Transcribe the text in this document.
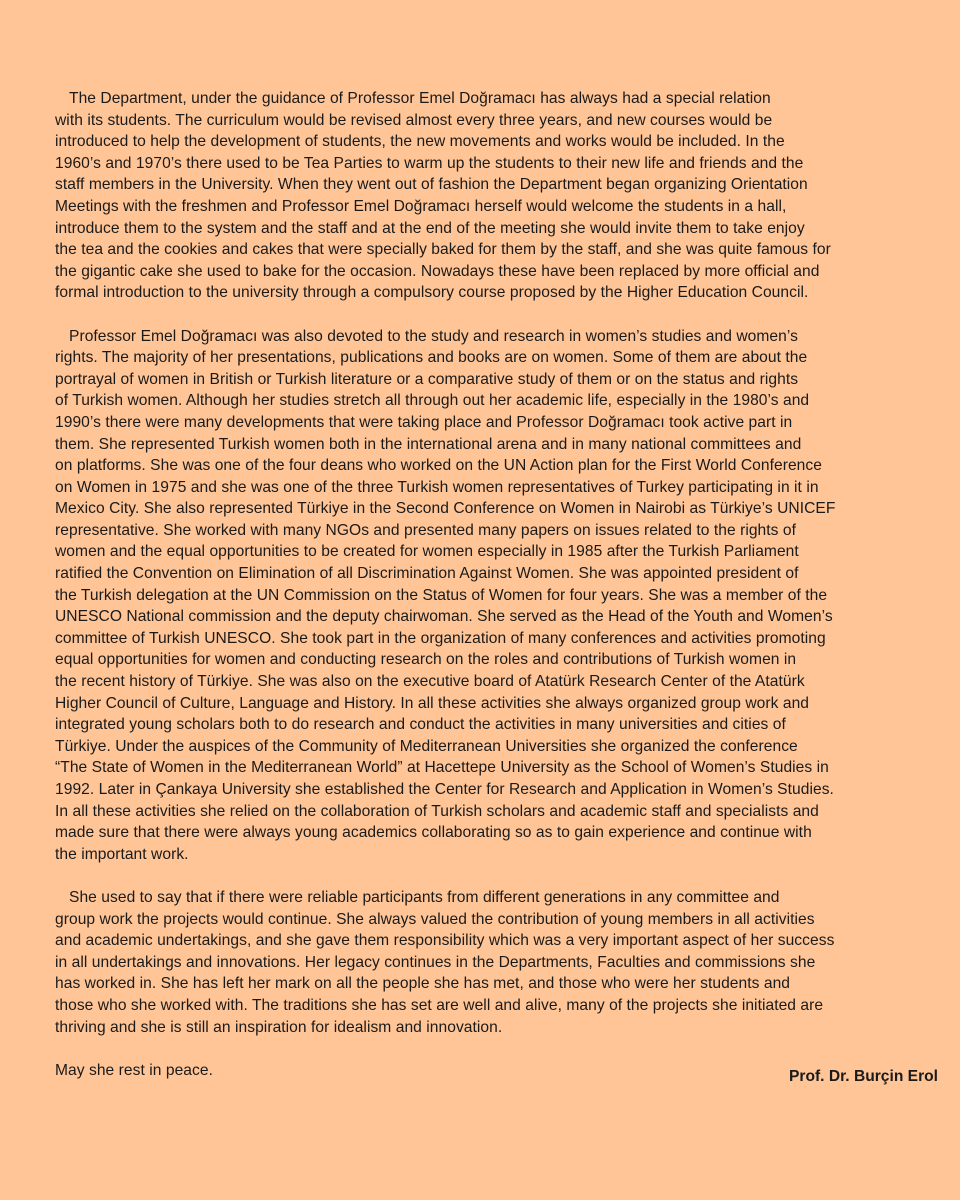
The Department, under the guidance of Professor Emel Doğramacı has always had a special relation
with its students. The curriculum would be revised almost every three years, and new courses would be
introduced to help the development of students, the new movements and works would be included. In the
1960’s and 1970’s there used to be Tea Parties to warm up the students to their new life and friends and the
staff members in the University. When they went out of fashion the Department began organizing Orientation
Meetings with the freshmen and Professor Emel Doğramacı herself would welcome the students in a hall,
introduce them to the system and the staff and at the end of the meeting she would invite them to take enjoy
the tea and the cookies and cakes that were specially baked for them by the staff, and she was quite famous for
the gigantic cake she used to bake for the occasion. Nowadays these have been replaced by more official and
formal introduction to the university through a compulsory course proposed by the Higher Education Council.
Professor Emel Doğramacı was also devoted to the study and research in women’s studies and women’s
rights. The majority of her presentations, publications and books are on women. Some of them are about the
portrayal of women in British or Turkish literature or a comparative study of them or on the status and rights
of Turkish women. Although her studies stretch all through out her academic life, especially in the 1980’s and
1990’s there were many developments that were taking place and Professor Doğramacı took active part in
them. She represented Turkish women both in the international arena and in many national committees and
on platforms. She was one of the four deans who worked on the UN Action plan for the First World Conference
on Women in 1975 and she was one of the three Turkish women representatives of Turkey participating in it in
Mexico City. She also represented Türkiye in the Second Conference on Women in Nairobi as Türkiye’s UNICEF
representative. She worked with many NGOs and presented many papers on issues related to the rights of
women and the equal opportunities to be created for women especially in 1985 after the Turkish Parliament
ratified the Convention on Elimination of all Discrimination Against Women. She was appointed president of
the Turkish delegation at the UN Commission on the Status of Women for four years. She was a member of the
UNESCO National commission and the deputy chairwoman. She served as the Head of the Youth and Women’s
committee of Turkish UNESCO. She took part in the organization of many conferences and activities promoting
equal opportunities for women and conducting research on the roles and contributions of Turkish women in
the recent history of Türkiye. She was also on the executive board of Atatürk Research Center of the Atatürk
Higher Council of Culture, Language and History. In all these activities she always organized group work and
integrated young scholars both to do research and conduct the activities in many universities and cities of
Türkiye. Under the auspices of the Community of Mediterranean Universities she organized the conference
“The State of Women in the Mediterranean World” at Hacettepe University as the School of Women’s Studies in
1992. Later in Çankaya University she established the Center for Research and Application in Women’s Studies.
In all these activities she relied on the collaboration of Turkish scholars and academic staff and specialists and
made sure that there were always young academics collaborating so as to gain experience and continue with
the important work.
She used to say that if there were reliable participants from different generations in any committee and
group work the projects would continue. She always valued the contribution of young members in all activities
and academic undertakings, and she gave them responsibility which was a very important aspect of her success
in all undertakings and innovations. Her legacy continues in the Departments, Faculties and commissions she
has worked in. She has left her mark on all the people she has met, and those who were her students and
those who she worked with. The traditions she has set are well and alive, many of the projects she initiated are
thriving and she is still an inspiration for idealism and innovation.
May she rest in peace.	Prof. Dr. Burçin Erol
